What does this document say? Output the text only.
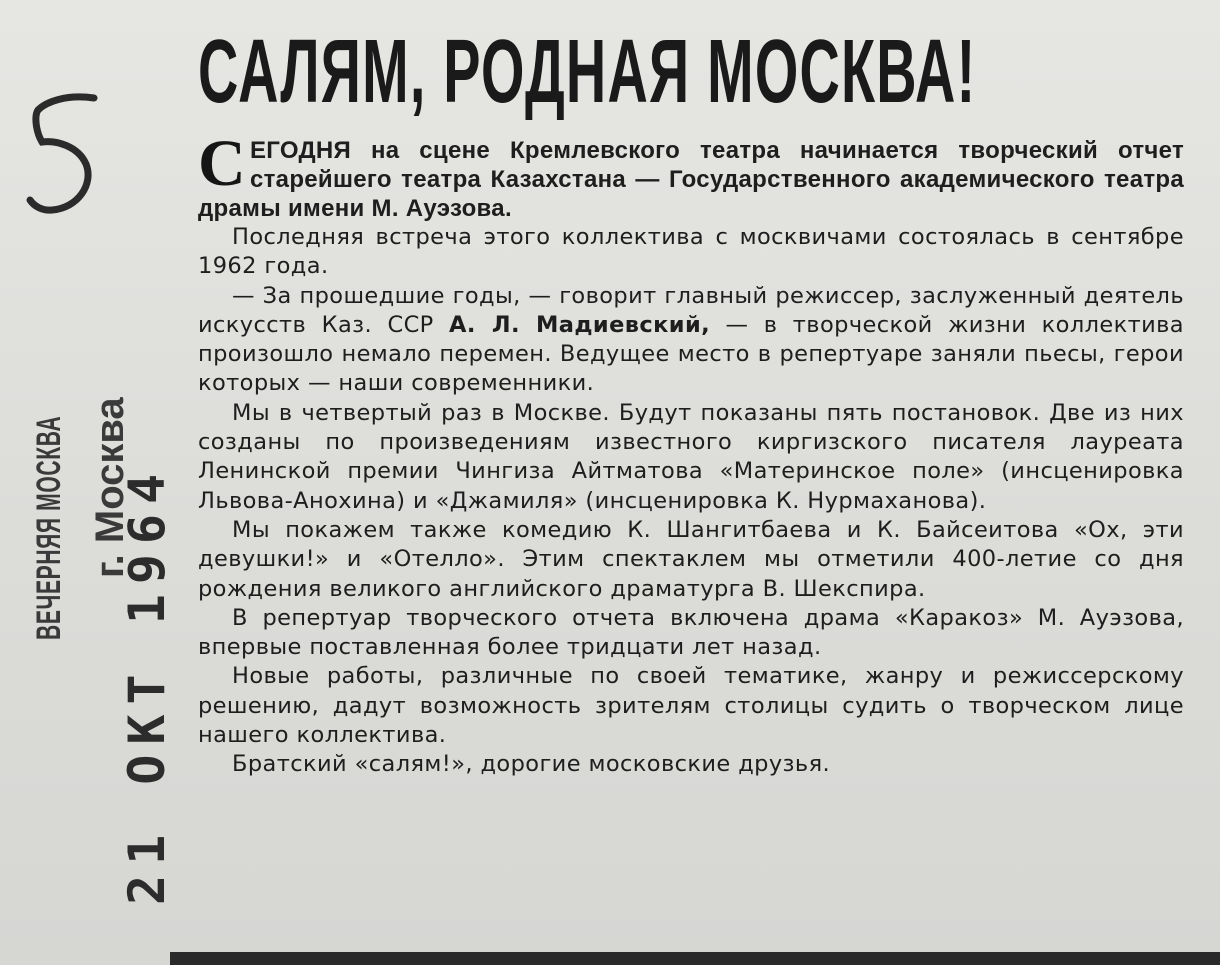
ВЕЧЕРНЯЯ МОСКВА г. Москва
21 ОКТ 1964
САЛЯМ, РОДНАЯ МОСКВА!

СЕГОДНЯ на сцене Кремлевского театра начинается творческий отчет старейшего театра Казахстана — Государственного академического театра драмы имени М. Ауэзова.

Последняя встреча этого коллектива с москвичами состоялась в сентябре 1962 года.

— За прошедшие годы, — говорит главный режиссер, заслуженный деятель искусств Каз. ССР А. Л. Мадиевский, — в творческой жизни коллектива произошло немало перемен. Ведущее место в репертуаре заняли пьесы, герои которых — наши современники.

Мы в четвертый раз в Москве. Будут показаны пять постановок. Две из них созданы по произведениям известного киргизского писателя лауреата Ленинской премии Чингиза Айтматова «Материнское поле» (инсценировка Львова-Анохина) и «Джамиля» (инсценировка К. Нурмаханова).

Мы покажем также комедию К. Шангитбаева и К. Байсеитова «Ох, эти девушки!» и «Отелло». Этим спектаклем мы отметили 400-летие со дня рождения великого английского драматурга В. Шекспира.

В репертуар творческого отчета включена драма «Каракоз» М. Ауэзова, впервые поставленная более тридцати лет назад.

Новые работы, различные по своей тематике, жанру и режиссерскому решению, дадут возможность зрителям столицы судить о творческом лице нашего коллектива.

Братский «салям!», дорогие московские друзья.
